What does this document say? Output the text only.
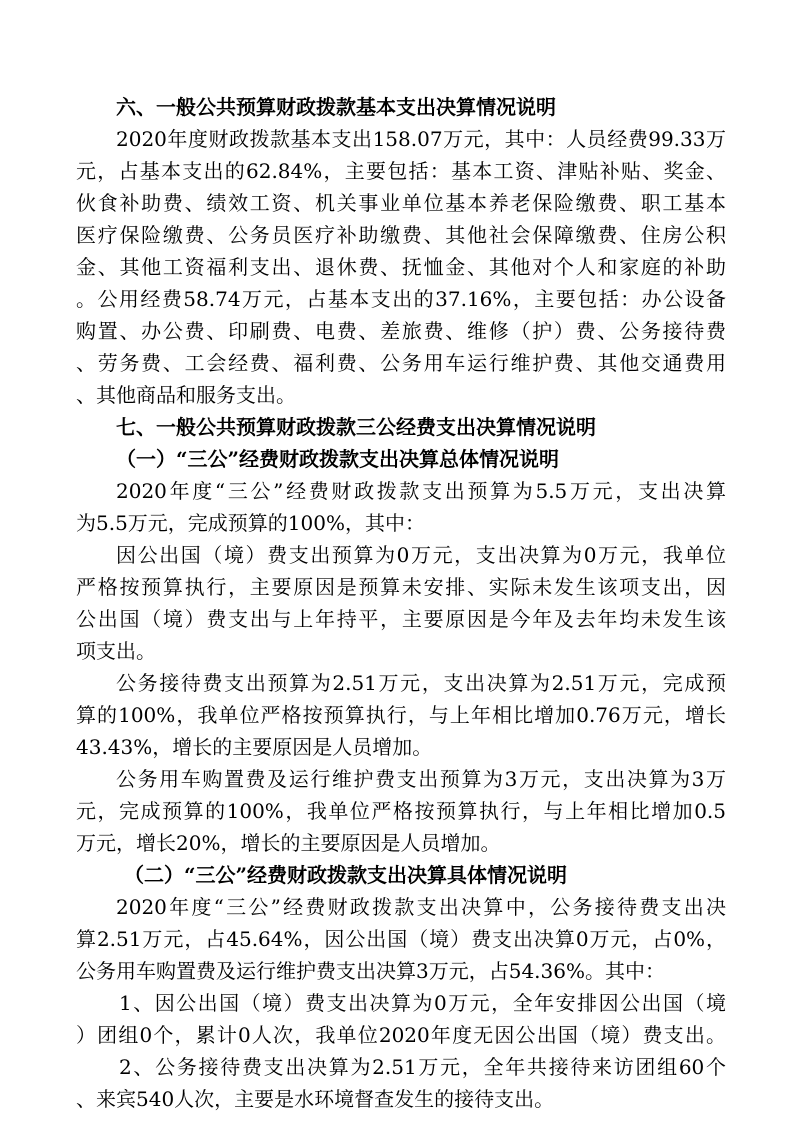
六、一般公共预算财政拨款基本支出决算情况说明
2020年度财政拨款基本支出158.07万元，其中：人员经费99.33万
元，占基本支出的62.84%，主要包括：基本工资、津贴补贴、奖金、
伙食补助费、绩效工资、机关事业单位基本养老保险缴费、职工基本
医疗保险缴费、公务员医疗补助缴费、其他社会保障缴费、住房公积
金、其他工资福利支出、退休费、抚恤金、其他对个人和家庭的补助
。公用经费58.74万元，占基本支出的37.16%，主要包括：办公设备
购置、办公费、印刷费、电费、差旅费、维修（护）费、公务接待费
、劳务费、工会经费、福利费、公务用车运行维护费、其他交通费用
、其他商品和服务支出。
七、一般公共预算财政拨款三公经费支出决算情况说明
（一）“三公”经费财政拨款支出决算总体情况说明
2020年度“三公”经费财政拨款支出预算为5.5万元，支出决算
为5.5万元，完成预算的100%，其中：
因公出国（境）费支出预算为0万元，支出决算为0万元，我单位
严格按预算执行，主要原因是预算未安排、实际未发生该项支出，因
公出国（境）费支出与上年持平，主要原因是今年及去年均未发生该
项支出。
公务接待费支出预算为2.51万元，支出决算为2.51万元，完成预
算的100%，我单位严格按预算执行，与上年相比增加0.76万元，增长
43.43%，增长的主要原因是人员增加。
公务用车购置费及运行维护费支出预算为3万元，支出决算为3万
元，完成预算的100%，我单位严格按预算执行，与上年相比增加0.5
万元，增长20%，增长的主要原因是人员增加。
（二）“三公”经费财政拨款支出决算具体情况说明
2020年度“三公”经费财政拨款支出决算中，公务接待费支出决
算2.51万元，占45.64%，因公出国（境）费支出决算0万元，占0%，
公务用车购置费及运行维护费支出决算3万元，占54.36%。其中：
1、因公出国（境）费支出决算为0万元，全年安排因公出国（境
）团组0个，累计0人次，我单位2020年度无因公出国（境）费支出。
2、公务接待费支出决算为2.51万元，全年共接待来访团组60个
、来宾540人次，主要是水环境督查发生的接待支出。
